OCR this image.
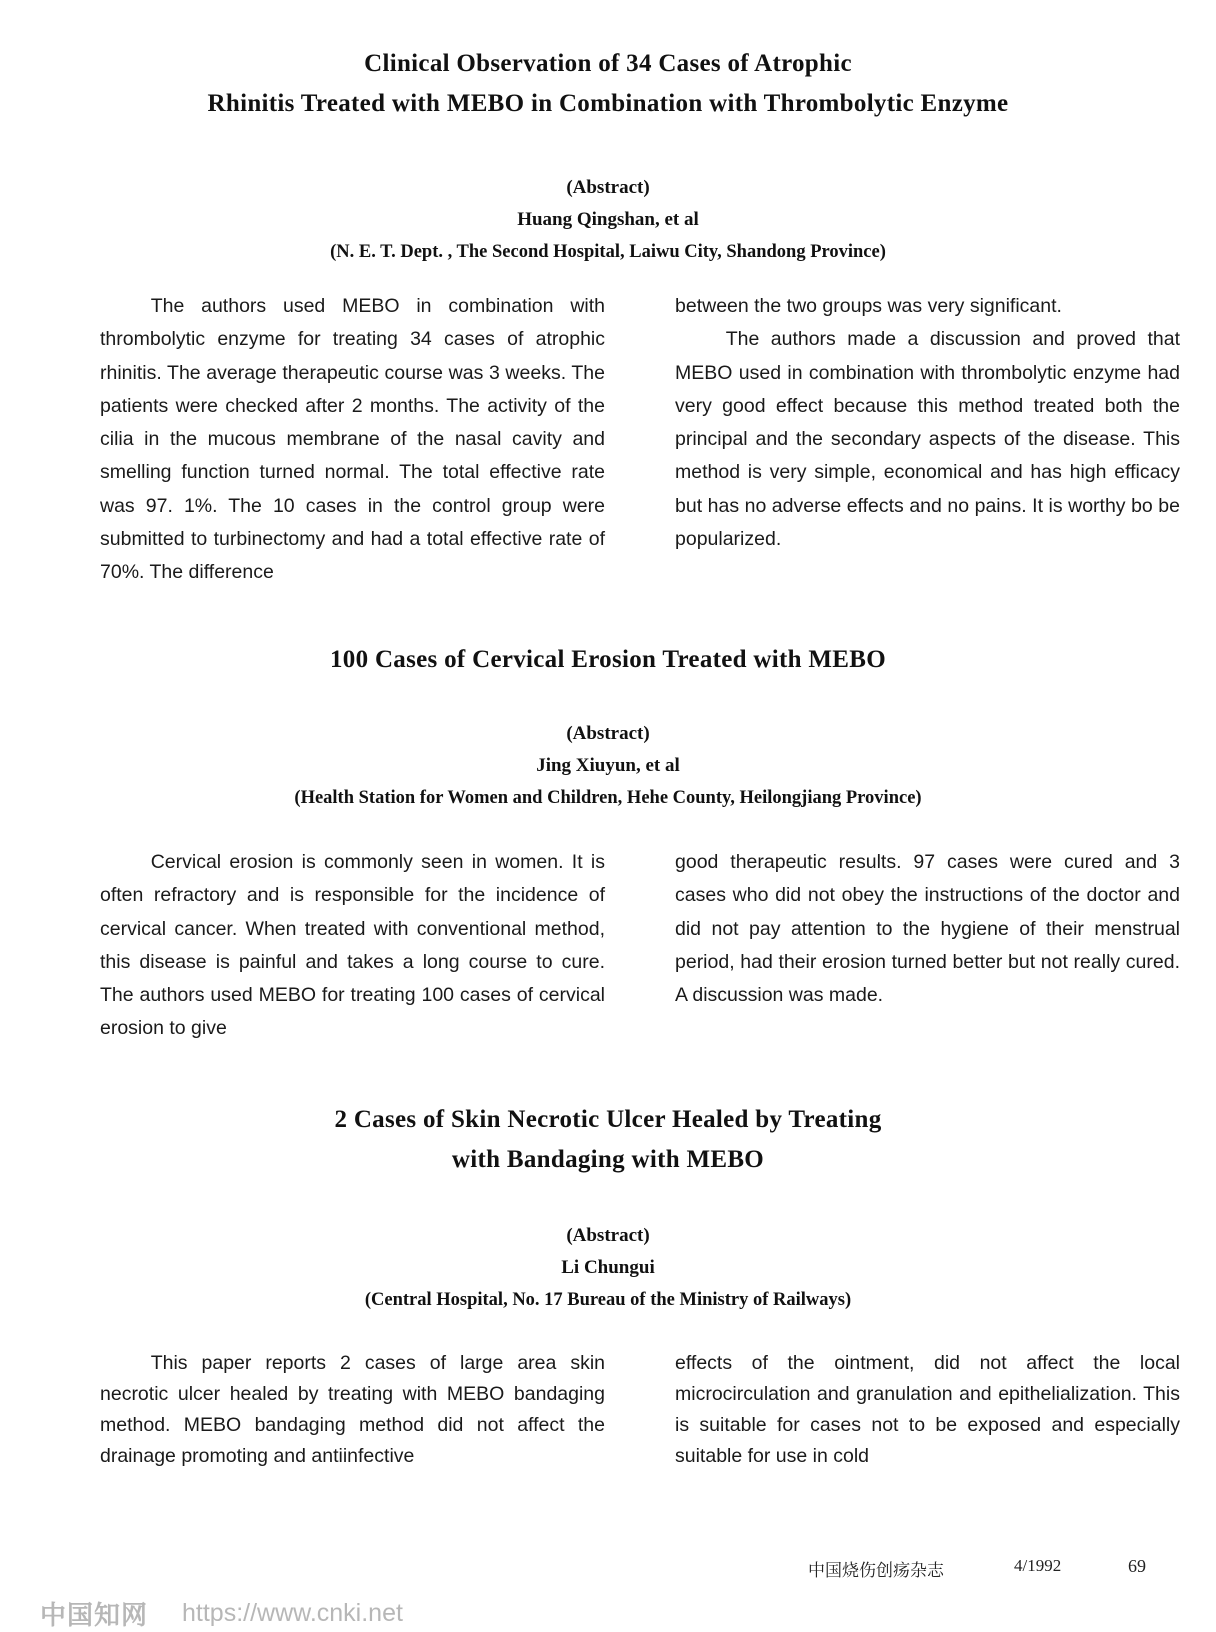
Clinical Observation of 34 Cases of Atrophic
Rhinitis Treated with MEBO in Combination with Thrombolytic Enzyme
(Abstract)
Huang Qingshan, et al
(N. E. T. Dept. , The Second Hospital, Laiwu City, Shandong Province)

The authors used MEBO in combination with thrombolytic enzyme for treating 34 cases of atrophic rhinitis. The average therapeutic course was 3 weeks. The patients were checked after 2 months. The activity of the cilia in the mucous membrane of the nasal cavity and smelling function turned normal. The total effective rate was 97. 1%. The 10 cases in the control group were submitted to turbinectomy and had a total effective rate of 70%. The difference

between the two groups was very significant.

The authors made a discussion and proved that MEBO used in combination with thrombolytic enzyme had very good effect because this method treated both the principal and the secondary aspects of the disease. This method is very simple, economical and has high efficacy but has no adverse effects and no pains. It is worthy bo be popularized.

100 Cases of Cervical Erosion Treated with MEBO
(Abstract)
Jing Xiuyun, et al
(Health Station for Women and Children, Hehe County, Heilongjiang Province)

Cervical erosion is commonly seen in women. It is often refractory and is responsible for the incidence of cervical cancer. When treated with conventional method, this disease is painful and takes a long course to cure. The authors used MEBO for treating 100 cases of cervical erosion to give

good therapeutic results. 97 cases were cured and 3 cases who did not obey the instructions of the doctor and did not pay attention to the hygiene of their menstrual period, had their erosion turned better but not really cured. A discussion was made.

2 Cases of Skin Necrotic Ulcer Healed by Treating
with Bandaging with MEBO
(Abstract)
Li Chungui
(Central Hospital, No. 17 Bureau of the Ministry of Railways)

This paper reports 2 cases of large area skin necrotic ulcer healed by treating with MEBO bandaging method. MEBO bandaging method did not affect the drainage promoting and antiinfective

effects of the ointment, did not affect the local microcirculation and granulation and epithelialization. This is suitable for cases not to be exposed and especially suitable for use in cold

中国烧伤创疡杂志	4/1992	69
中国知网 https://www.cnki.net
